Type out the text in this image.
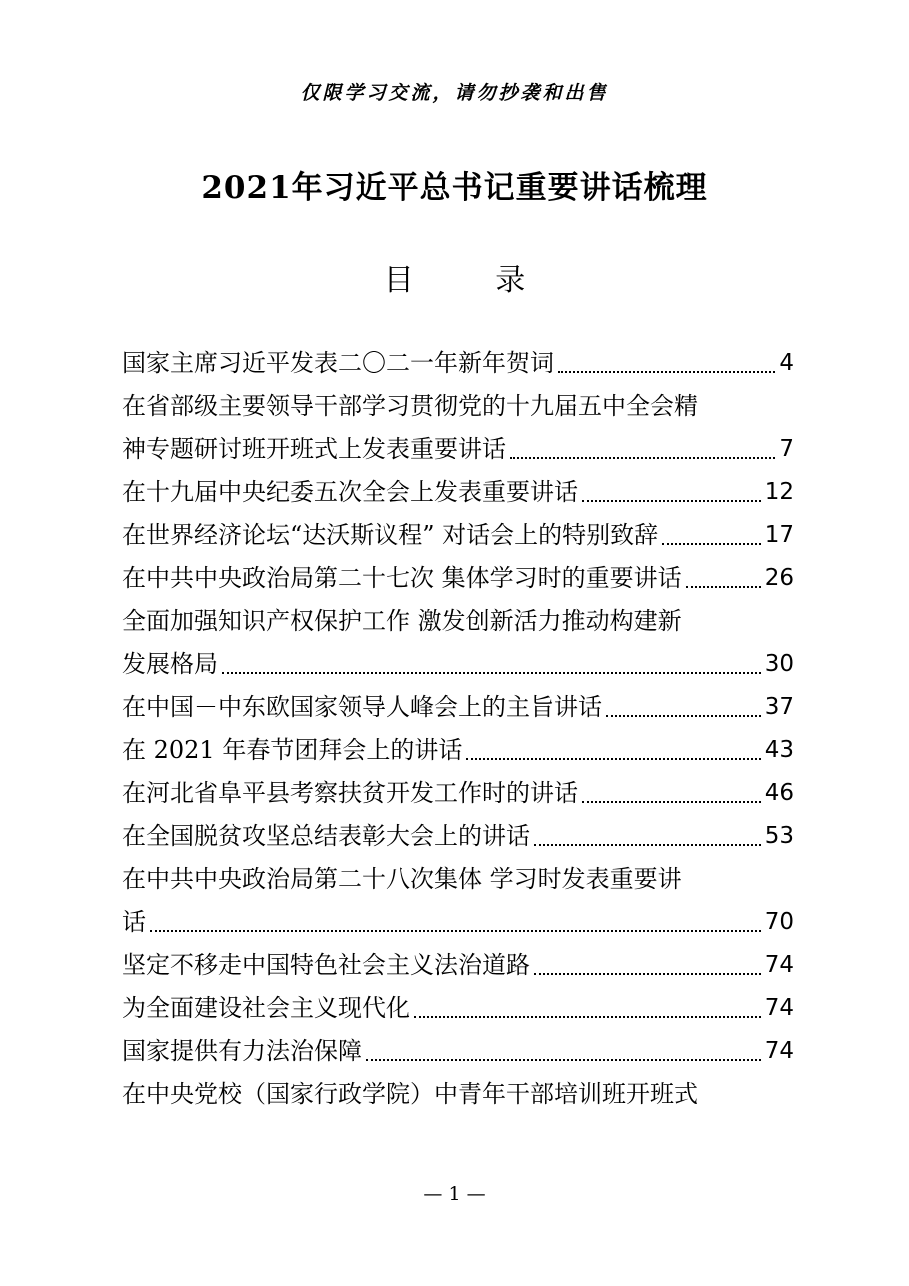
仅限学习交流，请勿抄袭和出售
2021年习近平总书记重要讲话梳理
目 录
国家主席习近平发表二〇二一年新年贺词	4
在省部级主要领导干部学习贯彻党的十九届五中全会精
神专题研讨班开班式上发表重要讲话	7
在十九届中央纪委五次全会上发表重要讲话	12
在世界经济论坛“达沃斯议程” 对话会上的特别致辞	17
在中共中央政治局第二十七次 集体学习时的重要讲话	26
全面加强知识产权保护工作 激发创新活力推动构建新
发展格局	30
在中国－中东欧国家领导人峰会上的主旨讲话	37
在 2021 年春节团拜会上的讲话	43
在河北省阜平县考察扶贫开发工作时的讲话	46
在全国脱贫攻坚总结表彰大会上的讲话	53
在中共中央政治局第二十八次集体 学习时发表重要讲
话	70
坚定不移走中国特色社会主义法治道路	74
为全面建设社会主义现代化	74
国家提供有力法治保障	74
在中央党校（国家行政学院）中青年干部培训班开班式
— 1 —
